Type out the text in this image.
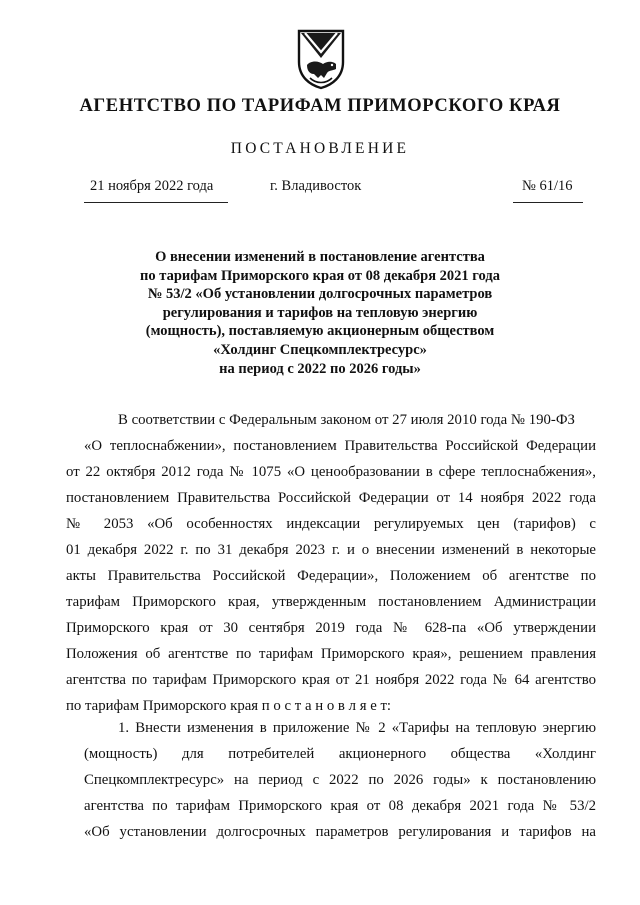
АГЕНТСТВО ПО ТАРИФАМ ПРИМОРСКОГО КРАЯ
ПОСТАНОВЛЕНИЕ
21 ноября 2022 года	г. Владивосток	№ 61/16
О внесении изменений в постановление агентства
по тарифам Приморского края от 08 декабря 2021 года
№ 53/2 «Об установлении долгосрочных параметров
регулирования и тарифов на тепловую энергию
(мощность), поставляемую акционерным обществом
«Холдинг Спецкомплектресурс»
на период с 2022 по 2026 годы»
В соответствии с Федеральным законом от 27 июля 2010 года № 190-ФЗ
«О теплоснабжении», постановлением Правительства Российской Федерации
от 22 октября 2012 года № 1075 «О ценообразовании в сфере теплоснабжения»,
постановлением Правительства Российской Федерации от 14 ноября 2022 года
№ 2053 «Об особенностях индексации регулируемых цен (тарифов) с
01 декабря 2022 г. по 31 декабря 2023 г. и о внесении изменений в некоторые
акты Правительства Российской Федерации», Положением об агентстве по
тарифам Приморского края, утвержденным постановлением Администрации
Приморского края от 30 сентября 2019 года № 628-па «Об утверждении
Положения об агентстве по тарифам Приморского края», решением правления
агентства по тарифам Приморского края от 21 ноября 2022 года № 64 агентство
по тарифам Приморского края п о с т а н о в л я е т:
1. Внести изменения в приложение № 2 «Тарифы на тепловую энергию
(мощность) для потребителей акционерного общества «Холдинг
Спецкомплектресурс» на период с 2022 по 2026 годы» к постановлению
агентства по тарифам Приморского края от 08 декабря 2021 года № 53/2
«Об установлении долгосрочных параметров регулирования и тарифов на
